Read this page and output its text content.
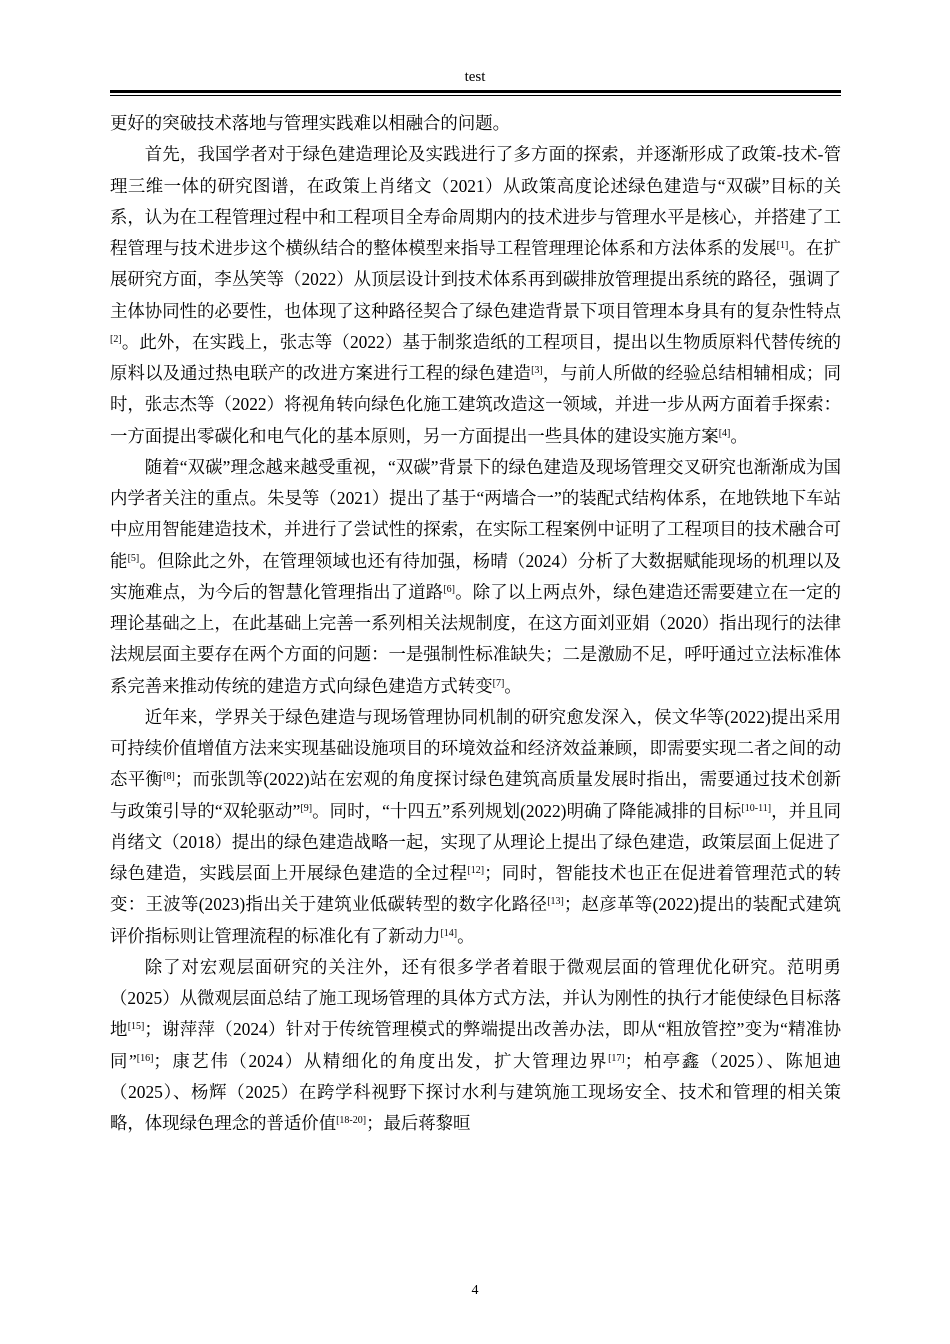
test

更好的突破技术落地与管理实践难以相融合的问题。

首先，我国学者对于绿色建造理论及实践进行了多方面的探索，并逐渐形成了政策-技术-管理三维一体的研究图谱，在政策上肖绪文（2021）从政策高度论述绿色建造与“双碳”目标的关系，认为在工程管理过程中和工程项目全寿命周期内的技术进步与管理水平是核心，并搭建了工程管理与技术进步这个横纵结合的整体模型来指导工程管理理论体系和方法体系的发展[1]。在扩展研究方面，李丛笑等（2022）从顶层设计到技术体系再到碳排放管理提出系统的路径，强调了主体协同性的必要性，也体现了这种路径契合了绿色建造背景下项目管理本身具有的复杂性特点[2]。此外，在实践上，张志等（2022）基于制浆造纸的工程项目，提出以生物质原料代替传统的原料以及通过热电联产的改进方案进行工程的绿色建造[3]，与前人所做的经验总结相辅相成；同时，张志杰等（2022）将视角转向绿色化施工建筑改造这一领域，并进一步从两方面着手探索：一方面提出零碳化和电气化的基本原则，另一方面提出一些具体的建设实施方案[4]。

随着“双碳”理念越来越受重视，“双碳”背景下的绿色建造及现场管理交叉研究也渐渐成为国内学者关注的重点。朱旻等（2021）提出了基于“两墙合一”的装配式结构体系，在地铁地下车站中应用智能建造技术，并进行了尝试性的探索，在实际工程案例中证明了工程项目的技术融合可能[5]。但除此之外，在管理领域也还有待加强，杨晴（2024）分析了大数据赋能现场的机理以及实施难点，为今后的智慧化管理指出了道路[6]。除了以上两点外，绿色建造还需要建立在一定的理论基础之上，在此基础上完善一系列相关法规制度，在这方面刘亚娟（2020）指出现行的法律法规层面主要存在两个方面的问题：一是强制性标准缺失；二是激励不足，呼吁通过立法标准体系完善来推动传统的建造方式向绿色建造方式转变[7]。

近年来，学界关于绿色建造与现场管理协同机制的研究愈发深入，侯文华等(2022)提出采用可持续价值增值方法来实现基础设施项目的环境效益和经济效益兼顾，即需要实现二者之间的动态平衡[8]；而张凯等(2022)站在宏观的角度探讨绿色建筑高质量发展时指出，需要通过技术创新与政策引导的“双轮驱动”[9]。同时，“十四五”系列规划(2022)明确了降能减排的目标[10-11]，并且同肖绪文（2018）提出的绿色建造战略一起，实现了从理论上提出了绿色建造，政策层面上促进了绿色建造，实践层面上开展绿色建造的全过程[12]；同时，智能技术也正在促进着管理范式的转变：王波等(2023)指出关于建筑业低碳转型的数字化路径[13]；赵彦革等(2022)提出的装配式建筑评价指标则让管理流程的标准化有了新动力[14]。

除了对宏观层面研究的关注外，还有很多学者着眼于微观层面的管理优化研究。范明勇（2025）从微观层面总结了施工现场管理的具体方式方法，并认为刚性的执行才能使绿色目标落地[15]；谢萍萍（2024）针对于传统管理模式的弊端提出改善办法，即从“粗放管控”变为“精准协同”[16]；康艺伟（2024）从精细化的角度出发，扩大管理边界[17]；柏亭鑫（2025）、陈旭迪（2025）、杨辉（2025）在跨学科视野下探讨水利与建筑施工现场安全、技术和管理的相关策略，体现绿色理念的普适价值[18-20]；最后蒋黎晅

4
